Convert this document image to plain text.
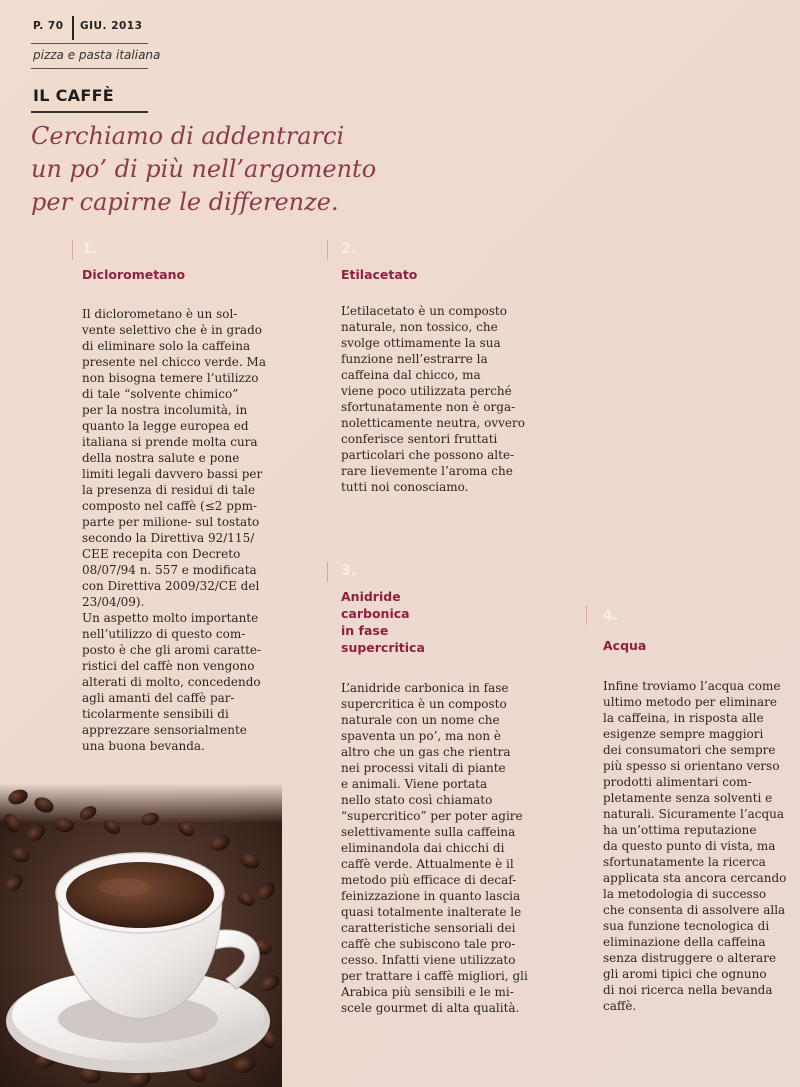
P. 70 GIU. 2013
pizza e pasta italiana
IL CAFFÈ
Cerchiamo di addentrarci
un po’ di più nell’argomento
per capirne le differenze.
1.
Diclorometano
Il diclorometano è un sol-
vente selettivo che è in grado
di eliminare solo la caffeina
presente nel chicco verde. Ma
non bisogna temere l’utilizzo
di tale “solvente chimico”
per la nostra incolumità, in
quanto la legge europea ed
italiana si prende molta cura
della nostra salute e pone
limiti legali davvero bassi per
la presenza di residui di tale
composto nel caffè (≤2 ppm-
parte per milione- sul tostato
secondo la Direttiva 92/115/
CEE recepita con Decreto
08/07/94 n. 557 e modificata
con Direttiva 2009/32/CE del
23/04/09).
Un aspetto molto importante
nell’utilizzo di questo com-
posto è che gli aromi caratte-
ristici del caffè non vengono
alterati di molto, concedendo
agli amanti del caffè par-
ticolarmente sensibili di
apprezzare sensorialmente
una buona bevanda.
2.
Etilacetato
L’etilacetato è un composto
naturale, non tossico, che
svolge ottimamente la sua
funzione nell’estrarre la
caffeina dal chicco, ma
viene poco utilizzata perché
sfortunatamente non è orga-
noletticamente neutra, ovvero
conferisce sentori fruttati
particolari che possono alte-
rare lievemente l’aroma che
tutti noi conosciamo.
3.
Anidride
carbonica
in fase
supercritica
L’anidride carbonica in fase
supercritica è un composto
naturale con un nome che
spaventa un po’, ma non è
altro che un gas che rientra
nei processi vitali di piante
e animali. Viene portata
nello stato così chiamato
“supercritico” per poter agire
selettivamente sulla caffeina
eliminandola dai chicchi di
caffè verde. Attualmente è il
metodo più efficace di decaf-
feinizzazione in quanto lascia
quasi totalmente inalterate le
caratteristiche sensoriali dei
caffè che subiscono tale pro-
cesso. Infatti viene utilizzato
per trattare i caffè migliori, gli
Arabica più sensibili e le mi-
scele gourmet di alta qualità.
4.
Acqua
Infine troviamo l’acqua come
ultimo metodo per eliminare
la caffeina, in risposta alle
esigenze sempre maggiori
dei consumatori che sempre
più spesso si orientano verso
prodotti alimentari com-
pletamente senza solventi e
naturali. Sicuramente l’acqua
ha un’ottima reputazione
da questo punto di vista, ma
sfortunatamente la ricerca
applicata sta ancora cercando
la metodologia di successo
che consenta di assolvere alla
sua funzione tecnologica di
eliminazione della caffeina
senza distruggere o alterare
gli aromi tipici che ognuno
di noi ricerca nella bevanda
caffè.
